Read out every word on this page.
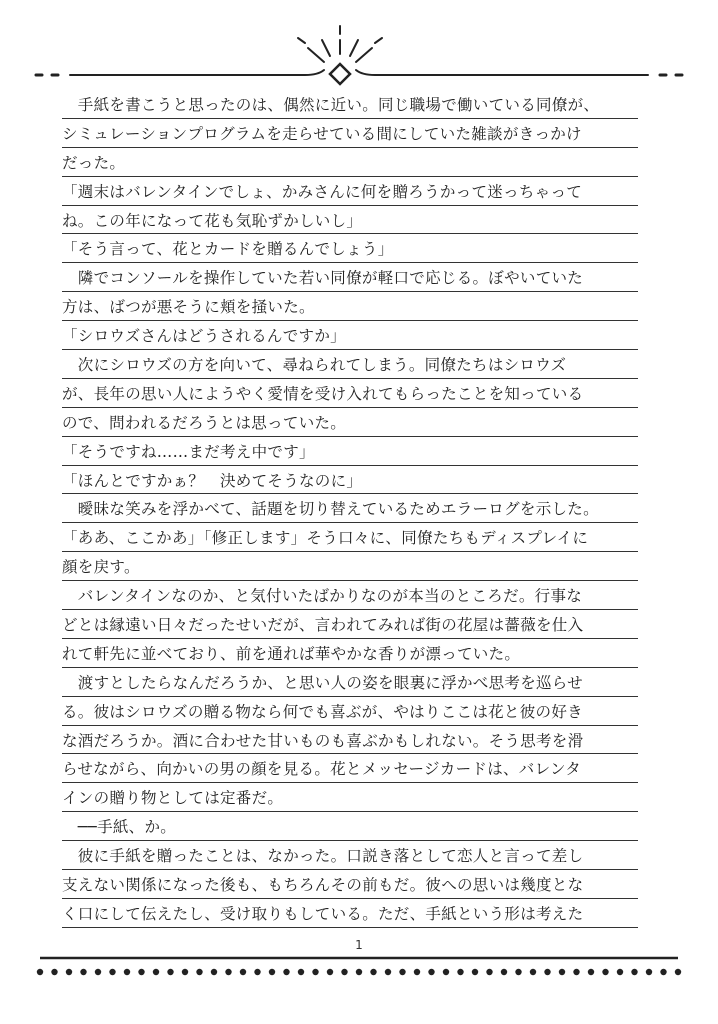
　手紙を書こうと思ったのは、偶然に近い。同じ職場で働いている同僚が、
シミュレーションプログラムを走らせている間にしていた雑談がきっかけ
だった。
「週末はバレンタインでしょ、かみさんに何を贈ろうかって迷っちゃって
ね。この年になって花も気恥ずかしいし」
「そう言って、花とカードを贈るんでしょう」
　隣でコンソールを操作していた若い同僚が軽口で応じる。ぼやいていた
方は、ばつが悪そうに頬を掻いた。
「シロウズさんはどうされるんですか」
　次にシロウズの方を向いて、尋ねられてしまう。同僚たちはシロウズ
が、長年の思い人にようやく愛情を受け入れてもらったことを知っている
ので、問われるだろうとは思っていた。
「そうですね……まだ考え中です」
「ほんとですかぁ？　決めてそうなのに」
　曖昧な笑みを浮かべて、話題を切り替えているためエラーログを示した。
「ああ、ここかあ」「修正します」そう口々に、同僚たちもディスプレイに
顔を戻す。
　バレンタインなのか、と気付いたばかりなのが本当のところだ。行事な
どとは縁遠い日々だったせいだが、言われてみれば街の花屋は薔薇を仕入
れて軒先に並べており、前を通れば華やかな香りが漂っていた。
　渡すとしたらなんだろうか、と思い人の姿を眼裏に浮かべ思考を巡らせ
る。彼はシロウズの贈る物なら何でも喜ぶが、やはりここは花と彼の好き
な酒だろうか。酒に合わせた甘いものも喜ぶかもしれない。そう思考を滑
らせながら、向かいの男の顔を見る。花とメッセージカードは、バレンタ
インの贈り物としては定番だ。
　──手紙、か。
　彼に手紙を贈ったことは、なかった。口説き落として恋人と言って差し
支えない関係になった後も、もちろんその前もだ。彼への思いは幾度とな
く口にして伝えたし、受け取りもしている。ただ、手紙という形は考えた
1
